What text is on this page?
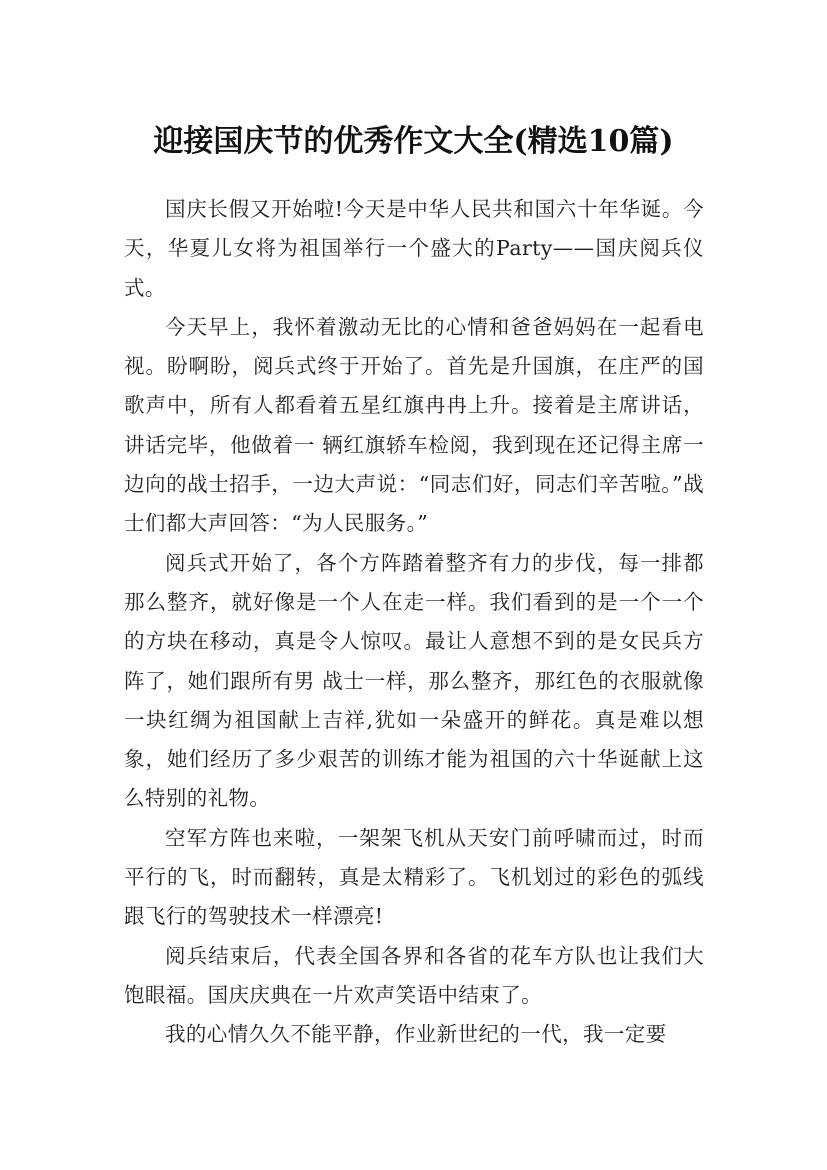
迎接国庆节的优秀作文大全(精选10篇)

国庆长假又开始啦!今天是中华人民共和国六十年华诞。今天，华夏儿女将为祖国举行一个盛大的Party——国庆阅兵仪式。

今天早上，我怀着激动无比的心情和爸爸妈妈在一起看电视。盼啊盼，阅兵式终于开始了。首先是升国旗，在庄严的国歌声中，所有人都看着五星红旗冉冉上升。接着是主席讲话，讲话完毕，他做着一 辆红旗轿车检阅，我到现在还记得主席一边向的战士招手，一边大声说：“同志们好，同志们辛苦啦。”战士们都大声回答：“为人民服务。”

阅兵式开始了，各个方阵踏着整齐有力的步伐，每一排都那么整齐，就好像是一个人在走一样。我们看到的是一个一个的方块在移动，真是令人惊叹。最让人意想不到的是女民兵方阵了，她们跟所有男 战士一样，那么整齐，那红色的衣服就像一块红绸为祖国献上吉祥,犹如一朵盛开的鲜花。真是难以想象，她们经历了多少艰苦的训练才能为祖国的六十华诞献上这么特别的礼物。

空军方阵也来啦，一架架飞机从天安门前呼啸而过，时而平行的飞，时而翻转，真是太精彩了。飞机划过的彩色的弧线跟飞行的驾驶技术一样漂亮!

阅兵结束后，代表全国各界和各省的花车方队也让我们大饱眼福。国庆庆典在一片欢声笑语中结束了。

我的心情久久不能平静，作业新世纪的一代，我一定要
